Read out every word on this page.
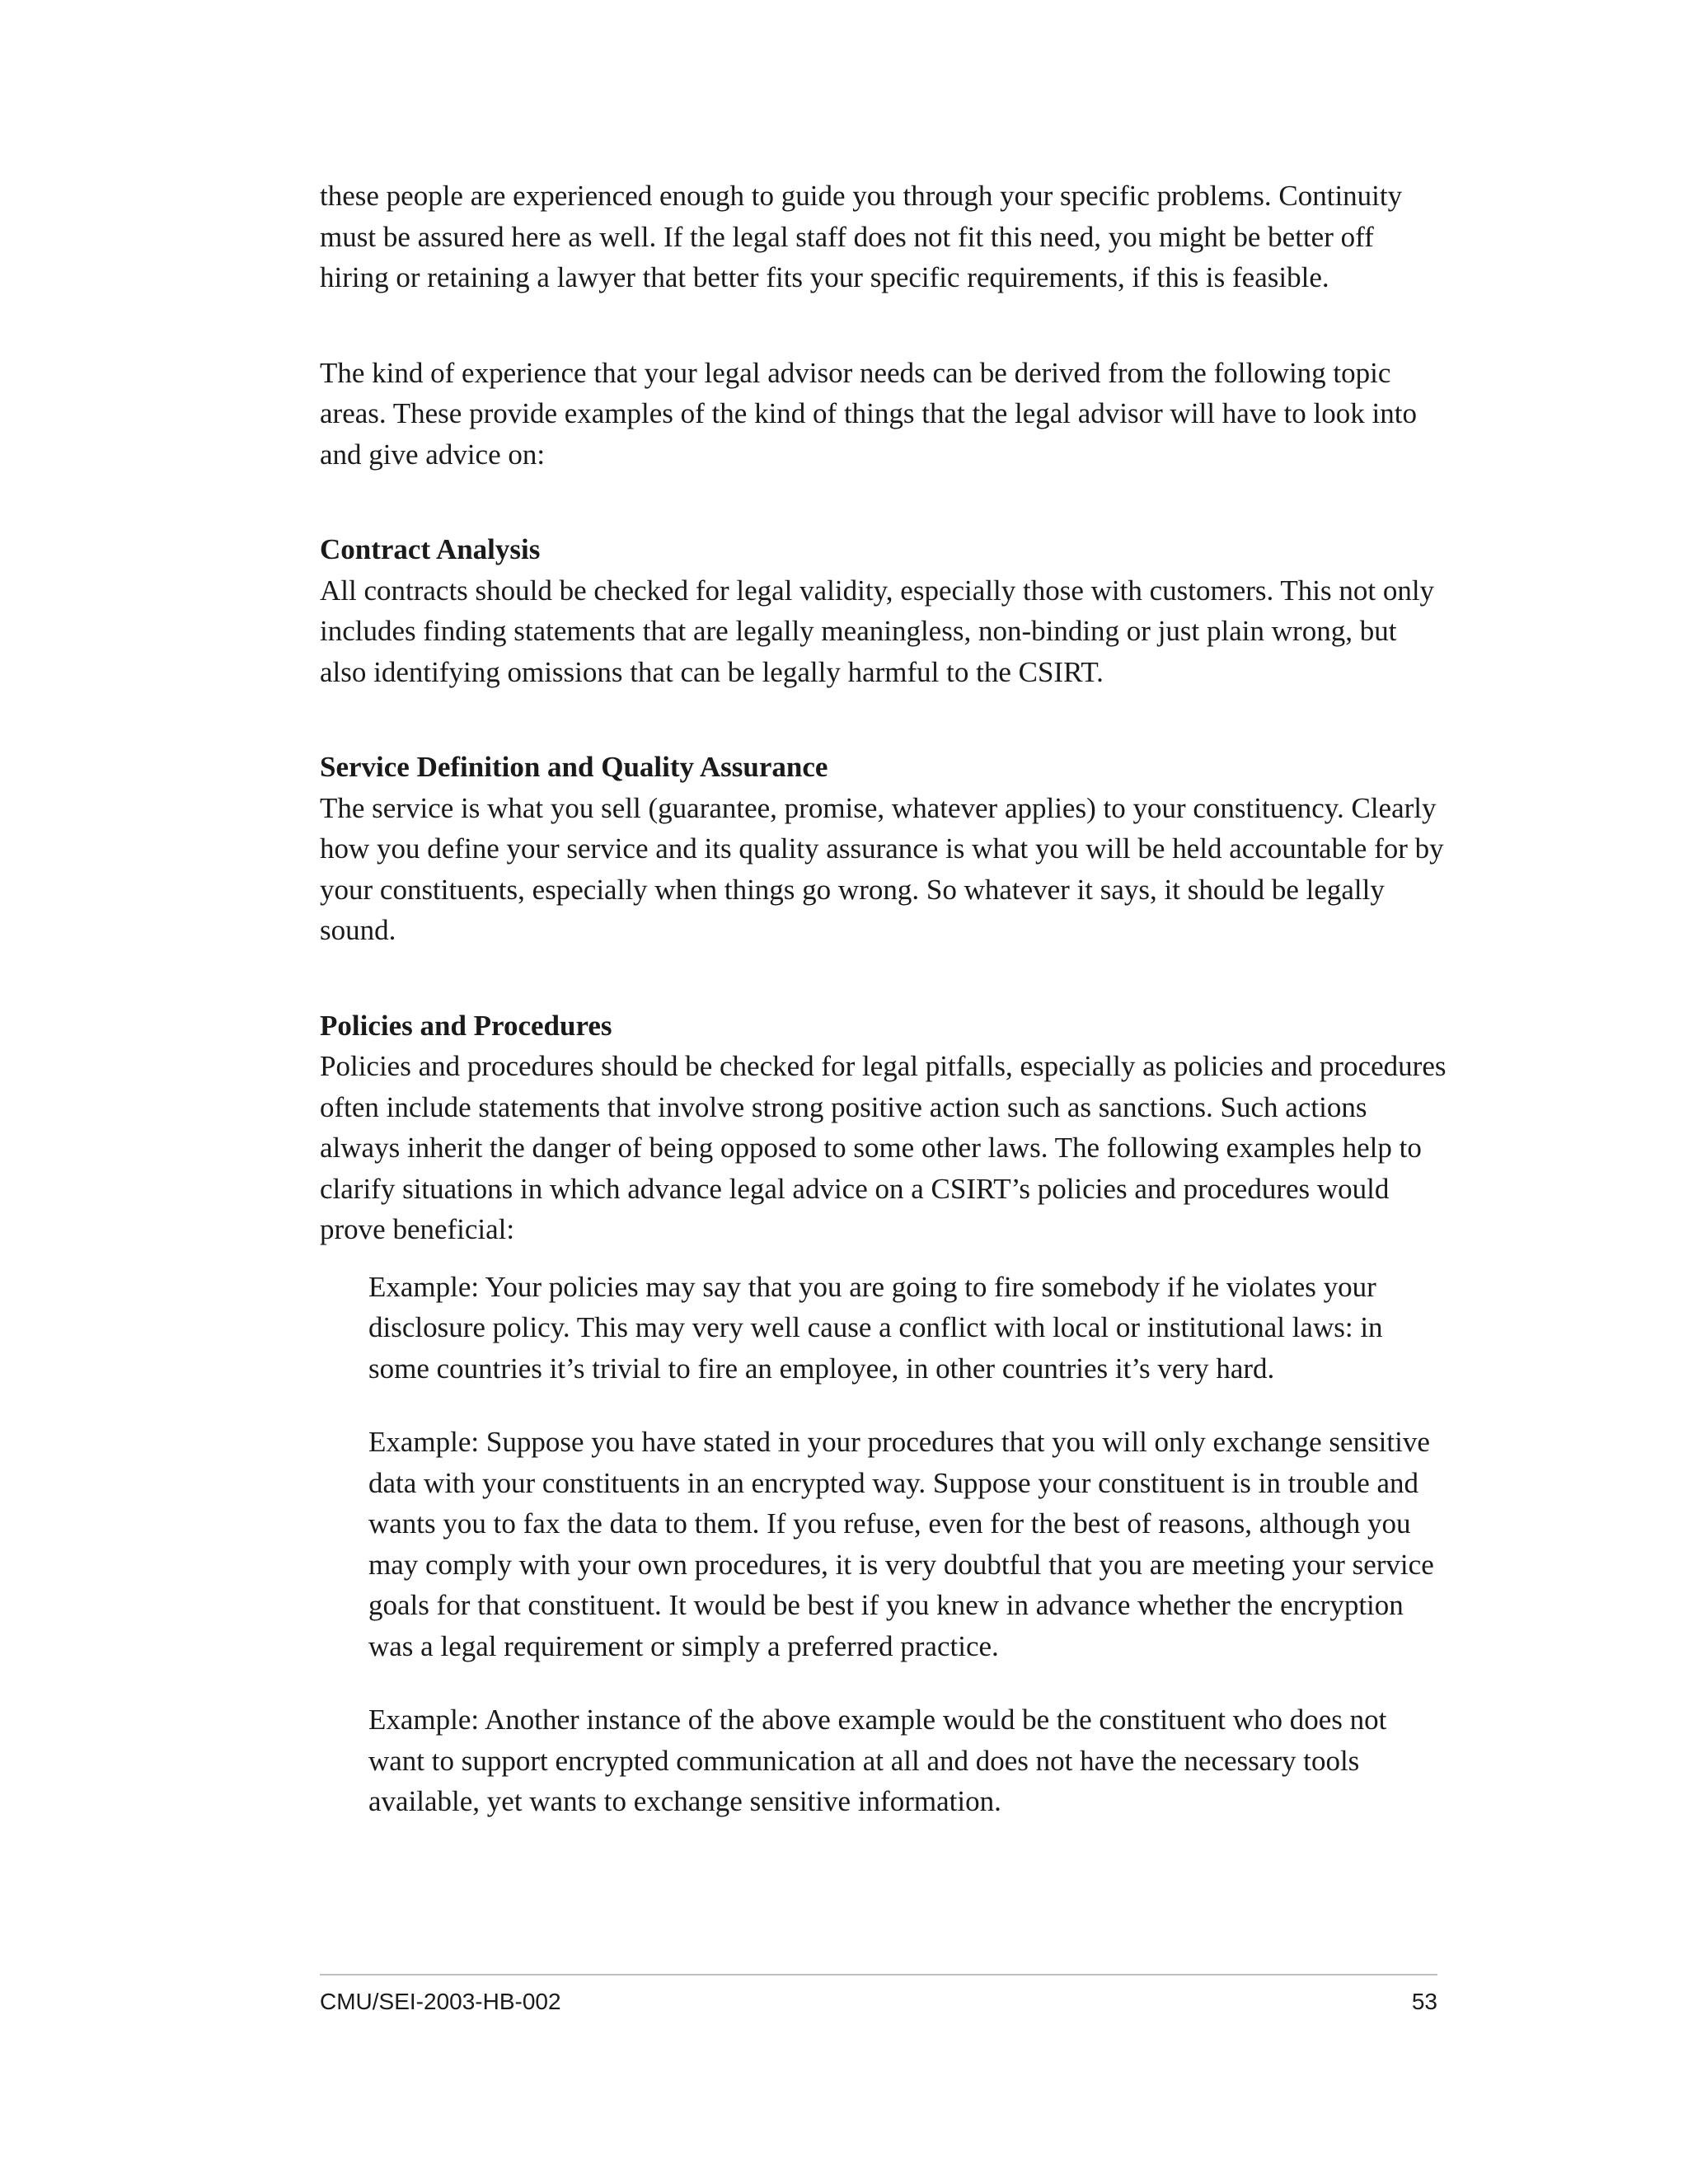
these people are experienced enough to guide you through your specific problems. Continuity must be assured here as well. If the legal staff does not fit this need, you might be better off hiring or retaining a lawyer that better fits your specific requirements, if this is feasible.

The kind of experience that your legal advisor needs can be derived from the following topic areas. These provide examples of the kind of things that the legal advisor will have to look into and give advice on:

Contract Analysis

All contracts should be checked for legal validity, especially those with customers. This not only includes finding statements that are legally meaningless, non-binding or just plain wrong, but also identifying omissions that can be legally harmful to the CSIRT.

Service Definition and Quality Assurance

The service is what you sell (guarantee, promise, whatever applies) to your constituency. Clearly how you define your service and its quality assurance is what you will be held accountable for by your constituents, especially when things go wrong. So whatever it says, it should be legally sound.

Policies and Procedures

Policies and procedures should be checked for legal pitfalls, especially as policies and procedures often include statements that involve strong positive action such as sanctions. Such actions always inherit the danger of being opposed to some other laws. The following examples help to clarify situations in which advance legal advice on a CSIRT’s policies and procedures would prove beneficial:

Example: Your policies may say that you are going to fire somebody if he violates your disclosure policy. This may very well cause a conflict with local or institutional laws: in some countries it’s trivial to fire an employee, in other countries it’s very hard.

Example: Suppose you have stated in your procedures that you will only exchange sensitive data with your constituents in an encrypted way. Suppose your constituent is in trouble and wants you to fax the data to them. If you refuse, even for the best of reasons, although you may comply with your own procedures, it is very doubtful that you are meeting your service goals for that constituent. It would be best if you knew in advance whether the encryption was a legal requirement or simply a preferred practice.

Example: Another instance of the above example would be the constituent who does not want to support encrypted communication at all and does not have the necessary tools available, yet wants to exchange sensitive information.

CMU/SEI-2003-HB-002	53
